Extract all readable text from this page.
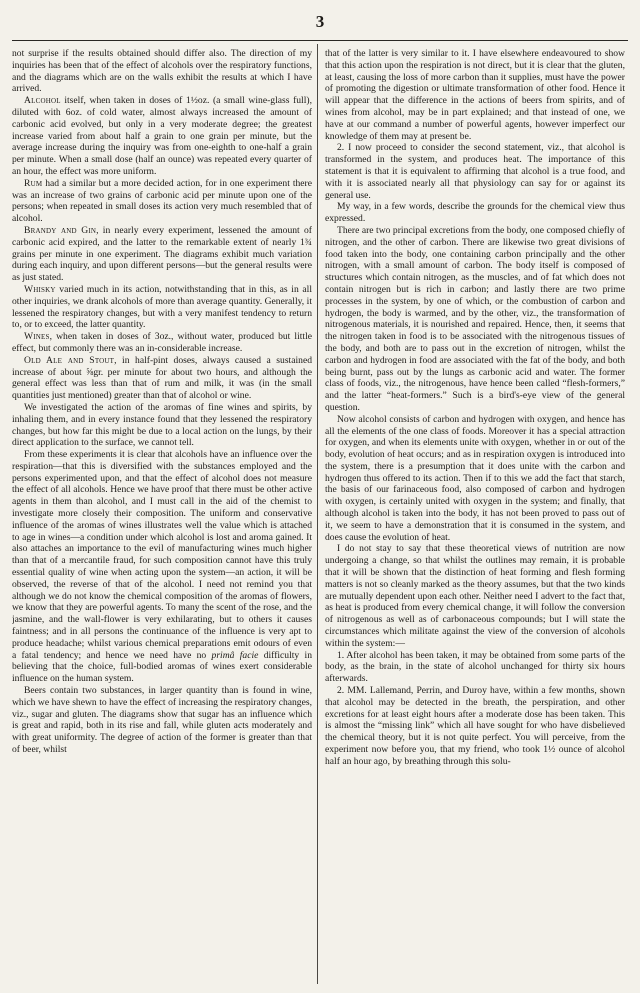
3

not surprise if the results obtained should differ also. The direction of my inquiries has been that of the effect of alcohols over the respiratory functions, and the diagrams which are on the walls exhibit the results at which I have arrived.

Alcohol itself, when taken in doses of 1½oz. (a small wine-glass full), diluted with 6oz. of cold water, almost always increased the amount of carbonic acid evolved, but only in a very moderate degree; the greatest increase varied from about half a grain to one grain per minute, but the average increase during the inquiry was from one-eighth to one-half a grain per minute. When a small dose (half an ounce) was repeated every quarter of an hour, the effect was more uniform.

Rum had a similar but a more decided action, for in one experiment there was an increase of two grains of carbonic acid per minute upon one of the persons; when repeated in small doses its action very much resembled that of alcohol.

Brandy and Gin, in nearly every experiment, lessened the amount of carbonic acid expired, and the latter to the remarkable extent of nearly 1¾ grains per minute in one experiment. The diagrams exhibit much variation during each inquiry, and upon different persons—but the general results were as just stated.

Whisky varied much in its action, notwithstanding that in this, as in all other inquiries, we drank alcohols of more than average quantity. Generally, it lessened the respiratory changes, but with a very manifest tendency to return to, or to exceed, the latter quantity.

Wines, when taken in doses of 3oz., without water, produced but little effect, but commonly there was an in-considerable increase.

Old Ale and Stout, in half-pint doses, always caused a sustained increase of about ⅝gr. per minute for about two hours, and although the general effect was less than that of rum and milk, it was (in the small quantities just mentioned) greater than that of alcohol or wine.

We investigated the action of the aromas of fine wines and spirits, by inhaling them, and in every instance found that they lessened the respiratory changes, but how far this might be due to a local action on the lungs, by their direct application to the surface, we cannot tell.

From these experiments it is clear that alcohols have an influence over the respiration—that this is diversified with the substances employed and the persons experimented upon, and that the effect of alcohol does not measure the effect of all alcohols. Hence we have proof that there must be other active agents in them than alcohol, and I must call in the aid of the chemist to investigate more closely their composition. The uniform and conservative influence of the aromas of wines illustrates well the value which is attached to age in wines—a condition under which alcohol is lost and aroma gained. It also attaches an importance to the evil of manufacturing wines much higher than that of a mercantile fraud, for such composition cannot have this truly essential quality of wine when acting upon the system—an action, it will be observed, the reverse of that of the alcohol. I need not remind you that although we do not know the chemical composition of the aromas of flowers, we know that they are powerful agents. To many the scent of the rose, and the jasmine, and the wall-flower is very exhilarating, but to others it causes faintness; and in all persons the continuance of the influence is very apt to produce headache; whilst various chemical preparations emit odours of even a fatal tendency; and hence we need have no primâ facie difficulty in believing that the choice, full-bodied aromas of wines exert considerable influence on the human system.

Beers contain two substances, in larger quantity than is found in wine, which we have shewn to have the effect of increasing the respiratory changes, viz., sugar and gluten. The diagrams show that sugar has an influence which is great and rapid, both in its rise and fall, while gluten acts moderately and with great uniformity. The degree of action of the former is greater than that of beer, whilst

that of the latter is very similar to it. I have elsewhere endeavoured to show that this action upon the respiration is not direct, but it is clear that the gluten, at least, causing the loss of more carbon than it supplies, must have the power of promoting the digestion or ultimate transformation of other food. Hence it will appear that the difference in the actions of beers from spirits, and of wines from alcohol, may be in part explained; and that instead of one, we have at our command a number of powerful agents, however imperfect our knowledge of them may at present be.

2. I now proceed to consider the second statement, viz., that alcohol is transformed in the system, and produces heat. The importance of this statement is that it is equivalent to affirming that alcohol is a true food, and with it is associated nearly all that physiology can say for or against its general use.

My way, in a few words, describe the grounds for the chemical view thus expressed.

There are two principal excretions from the body, one composed chiefly of nitrogen, and the other of carbon. There are likewise two great divisions of food taken into the body, one containing carbon principally and the other nitrogen, with a small amount of carbon. The body itself is composed of structures which contain nitrogen, as the muscles, and of fat which does not contain nitrogen but is rich in carbon; and lastly there are two prime processes in the system, by one of which, or the combustion of carbon and hydrogen, the body is warmed, and by the other, viz., the transformation of nitrogenous materials, it is nourished and repaired. Hence, then, it seems that the nitrogen taken in food is to be associated with the nitrogenous tissues of the body, and both are to pass out in the excretion of nitrogen, whilst the carbon and hydrogen in food are associated with the fat of the body, and both being burnt, pass out by the lungs as carbonic acid and water. The former class of foods, viz., the nitrogenous, have hence been called “flesh-formers,” and the latter “heat-formers.” Such is a bird's-eye view of the general question.

Now alcohol consists of carbon and hydrogen with oxygen, and hence has all the elements of the one class of foods. Moreover it has a special attraction for oxygen, and when its elements unite with oxygen, whether in or out of the body, evolution of heat occurs; and as in respiration oxygen is introduced into the system, there is a presumption that it does unite with the carbon and hydrogen thus offered to its action. Then if to this we add the fact that starch, the basis of our farinaceous food, also composed of carbon and hydrogen with oxygen, is certainly united with oxygen in the system; and finally, that although alcohol is taken into the body, it has not been proved to pass out of it, we seem to have a demonstration that it is consumed in the system, and does cause the evolution of heat.

I do not stay to say that these theoretical views of nutrition are now undergoing a change, so that whilst the outlines may remain, it is probable that it will be shown that the distinction of heat forming and flesh forming matters is not so cleanly marked as the theory assumes, but that the two kinds are mutually dependent upon each other. Neither need I advert to the fact that, as heat is produced from every chemical change, it will follow the conversion of nitrogenous as well as of carbonaceous compounds; but I will state the circumstances which militate against the view of the conversion of alcohols within the system:—

1. After alcohol has been taken, it may be obtained from some parts of the body, as the brain, in the state of alcohol unchanged for thirty six hours afterwards.

2. MM. Lallemand, Perrin, and Duroy have, within a few months, shown that alcohol may be detected in the breath, the perspiration, and other excretions for at least eight hours after a moderate dose has been taken. This is almost the “missing link” which all have sought for who have disbelieved the chemical theory, but it is not quite perfect. You will perceive, from the experiment now before you, that my friend, who took 1½ ounce of alcohol half an hour ago, by breathing through this solu-
